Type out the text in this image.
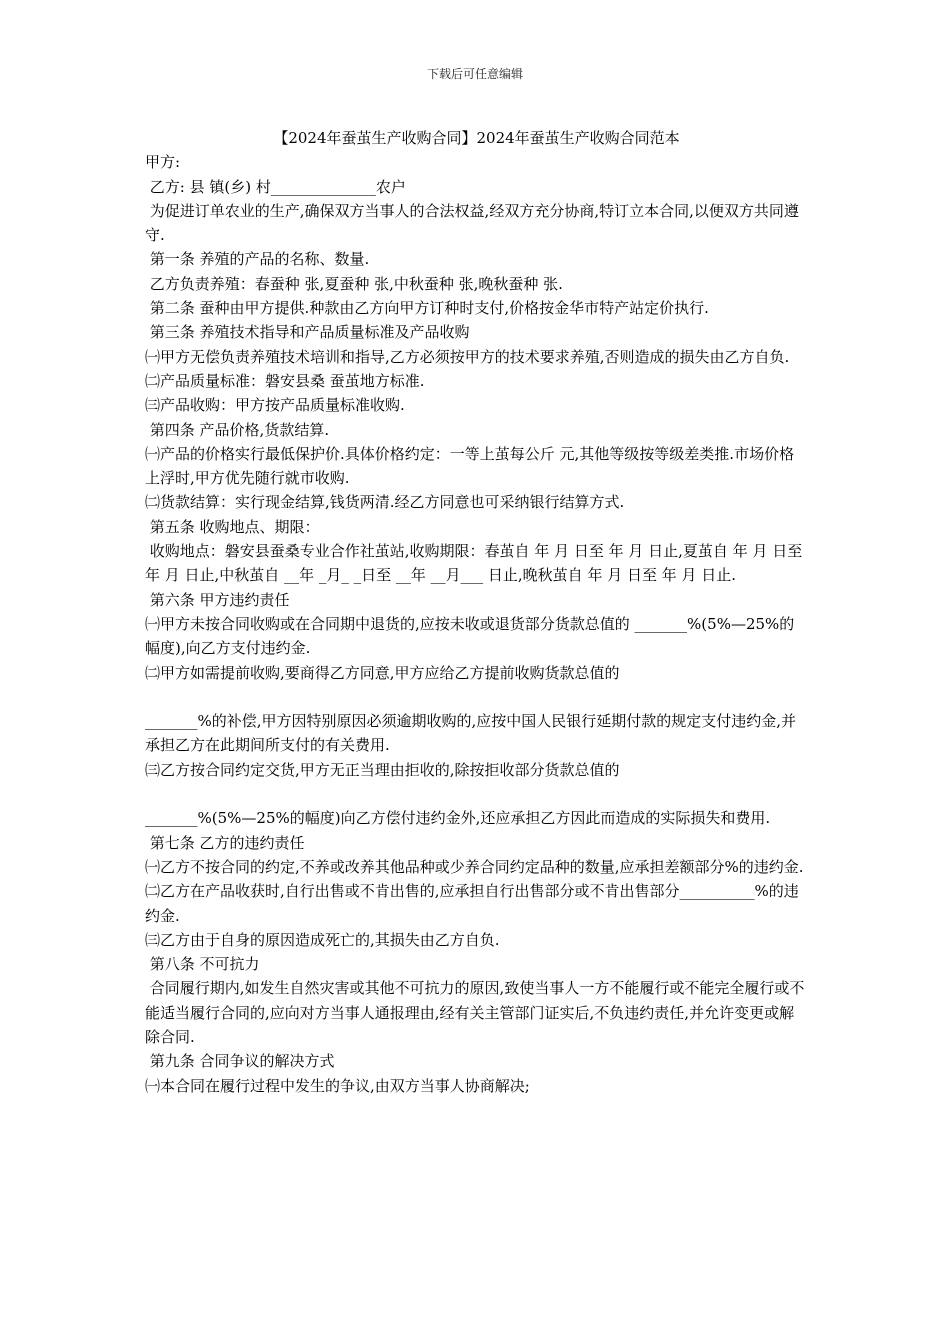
下载后可任意编辑
【2024年蚕茧生产收购合同】2024年蚕茧生产收购合同范本

甲方:

乙方: 县 镇(乡) 村______________农户

为促进订单农业的生产,确保双方当事人的合法权益,经双方充分协商,特订立本合同,以便双方共同遵守.

第一条 养殖的产品的名称、数量.

乙方负责养殖：春蚕种 张,夏蚕种 张,中秋蚕种 张,晚秋蚕种 张.

第二条 蚕种由甲方提供.种款由乙方向甲方订种时支付,价格按金华市特产站定价执行.

第三条 养殖技术指导和产品质量标准及产品收购

㈠甲方无偿负责养殖技术培训和指导,乙方必须按甲方的技术要求养殖,否则造成的损失由乙方自负.

㈡产品质量标准：磐安县桑 蚕茧地方标准.

㈢产品收购：甲方按产品质量标准收购.

第四条 产品价格,货款结算.

㈠产品的价格实行最低保护价.具体价格约定：一等上茧每公斤 元,其他等级按等级差类推.市场价格上浮时,甲方优先随行就市收购.

㈡货款结算：实行现金结算,钱货两清.经乙方同意也可采纳银行结算方式.

第五条 收购地点、期限：

收购地点：磐安县蚕桑专业合作社茧站,收购期限：春茧自 年 月 日至 年 月 日止,夏茧自 年 月 日至 年 月 日止,中秋茧自 __年 _月_ _日至 __年 __月___ 日止,晚秋茧自 年 月 日至 年 月 日止.

第六条 甲方违约责任

㈠甲方未按合同收购或在合同期中退货的,应按未收或退货部分货款总值的 _______%(5%—25%的幅度),向乙方支付违约金.

㈡甲方如需提前收购,要商得乙方同意,甲方应给乙方提前收购货款总值的

_______%的补偿,甲方因特别原因必须逾期收购的,应按中国人民银行延期付款的规定支付违约金,并承担乙方在此期间所支付的有关费用.

㈢乙方按合同约定交货,甲方无正当理由拒收的,除按拒收部分货款总值的

_______%(5%—25%的幅度)向乙方偿付违约金外,还应承担乙方因此而造成的实际损失和费用.

第七条 乙方的违约责任

㈠乙方不按合同的约定,不养或改养其他品种或少养合同约定品种的数量,应承担差额部分%的违约金.

㈡乙方在产品收获时,自行出售或不肯出售的,应承担自行出售部分或不肯出售部分__________%的违约金.

㈢乙方由于自身的原因造成死亡的,其损失由乙方自负.

第八条 不可抗力

合同履行期内,如发生自然灾害或其他不可抗力的原因,致使当事人一方不能履行或不能完全履行或不能适当履行合同的,应向对方当事人通报理由,经有关主管部门证实后,不负违约责任,并允许变更或解除合同.

第九条 合同争议的解决方式

㈠本合同在履行过程中发生的争议,由双方当事人协商解决;
